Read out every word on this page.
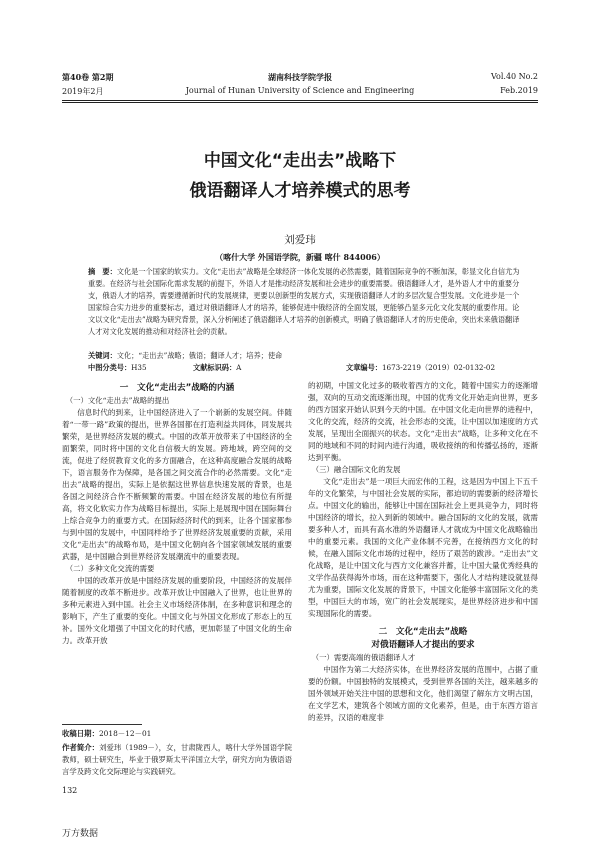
第40卷 第2期	湖南科技学院学报	Vol.40 No.2
2019年2月	Journal of Hunan University of Science and Engineering	Feb.2019
中国文化“走出去”战略下
俄语翻译人才培养模式的思考
刘爱玮
（喀什大学 外国语学院，新疆 喀什 844006）
摘　要：文化是一个国家的软实力。文化“走出去”战略是全球经济一体化发展的必然需要，随着国际竞争的不断加深，彰显文化自信尤为重要。在经济与社会国际化需求发展的前提下，外语人才是推动经济发展和社会进步的重要需要。俄语翻译人才，是外语人才中的重要分支，俄语人才的培养，需要遵循新时代的发展规律，更要以创新型的发展方式，实现俄语翻译人才的多层次复合型发展。文化进步是一个国家综合实力进步的重要标志，通过对俄语翻译人才的培养，能够促进中俄经济的全面发展，更能够凸显多元化文化发展的重要作用。论文以文化“走出去”战略为研究背景，深入分析阐述了俄语翻译人才培养的创新模式，明确了俄语翻译人才的历史使命，突出未来俄语翻译人才对文化发展的推动和对经济社会的贡献。
关键词：文化；“走出去”战略；俄语；翻译人才；培养；使命
中图分类号：H35	文献标识码：A	文章编号：1673-2219（2019）02-0132-02
一　文化“走出去”战略的内涵
（一）文化“走出去”战略的提出

信息时代的到来，让中国经济进入了一个崭新的发展空间。伴随着“一带一路”政策的提出，世界各国都在打造利益共同体，同发展共繁荣，是世界经济发展的模式。中国的改革开放带来了中国经济的全面繁荣，同时将中国的文化自信极大的发展。跨地域，跨空间的交流，促进了经贸教育文化的多方面融合，在这种高度融合发展的战略下，语言服务作为保障，是各国之间交流合作的必然需要。文化“走出去”战略的提出，实际上是依据这世界信息快速发展的背景，也是各国之间经济合作不断频繁的需要。中国在经济发展的地位有所提高，将文化软实力作为战略目标提出，实际上是展现中国在国际舞台上综合竞争力的重要方式。在国际经济时代的到来，让各个国家都参与到中国的发展中，中国同样给予了世界经济发展重要的贡献，采用文化“走出去”的战略布局，是中国文化朝向各个国家领域发展的重要武器，是中国融合到世界经济发展潮流中的重要表现。

（二）多种文化交流的需要

中国的改革开放是中国经济发展的重要阶段，中国经济的发展伴随着制度的改革不断进步。改革开放让中国融入了世界，也让世界的多种元素进入到中国。社会主义市场经济体制，在多种意识和理念的影响下，产生了重要的变化。中国文化与外国文化形成了形态上的互补。国外文化增强了中国文化的时代感，更加彰显了中国文化的生命力。改革开放

收稿日期：2018－12－01
作者简介：刘爱玮（1989－），女，甘肃陇西人，喀什大学外国语学院教师，硕士研究生，毕业于俄罗斯太平洋国立大学，研究方向为俄语语言学及跨文化交际理论与实践研究。
132

的初期，中国文化过多的吸收着西方的文化，随着中国实力的逐渐增强，双向的互动交流逐渐出现，中国的优秀文化开始走向世界，更多的西方国家开始认识到今天的中国。在中国文化走向世界的进程中，文化的交流，经济的交流，社会形态的交流，让中国以加速度的方式发展，呈现出全面振兴的状态。文化“走出去”战略，让多种文化在不同的地域和不同的时间内进行沟通，吸收接纳的和传播弘扬的，逐渐达到平衡。

（三）融合国际文化的发展

文化“走出去”是一项巨大而宏伟的工程，这是因为中国上下五千年的文化繁荣，与中国社会发展的实际，都迫切的需要新的经济增长点。中国文化的输出，能够让中国在国际社会上更具竞争力，同时将中国经济的增长，拉入到新的领域中。融合国际的文化的发展，就需要多种人才，而具有高水准的外语翻译人才就成为中国文化战略输出中的重要元素。我国的文化产业体制不完善，在接纳西方文化的时候，在融入国际文化市场的过程中，经历了艰苦的跋涉。“走出去”文化战略，是让中国文化与西方文化兼容并蓄，让中国大量优秀经典的文学作品获得海外市场，而在这种需要下，强化人才结构建设就显得尤为重要，国际文化发展的背景下，中国文化能够丰富国际文化的类型，中国巨大的市场，宽广的社会发展现实，是世界经济进步和中国实现国际化的需要。

二　文化“走出去”战略
对俄语翻译人才提出的要求
（一）需要高端的俄语翻译人才

中国作为第二大经济实体，在世界经济发展的范围中，占据了重要的份额。中国独特的发展模式，受到世界各国的关注，越来越多的国外领域开始关注中国的思想和文化，他们渴望了解东方文明古国，在文学艺术，建筑各个领域方面的文化素养，但是，由于东西方语言的差异，汉语的难度非

万方数据
